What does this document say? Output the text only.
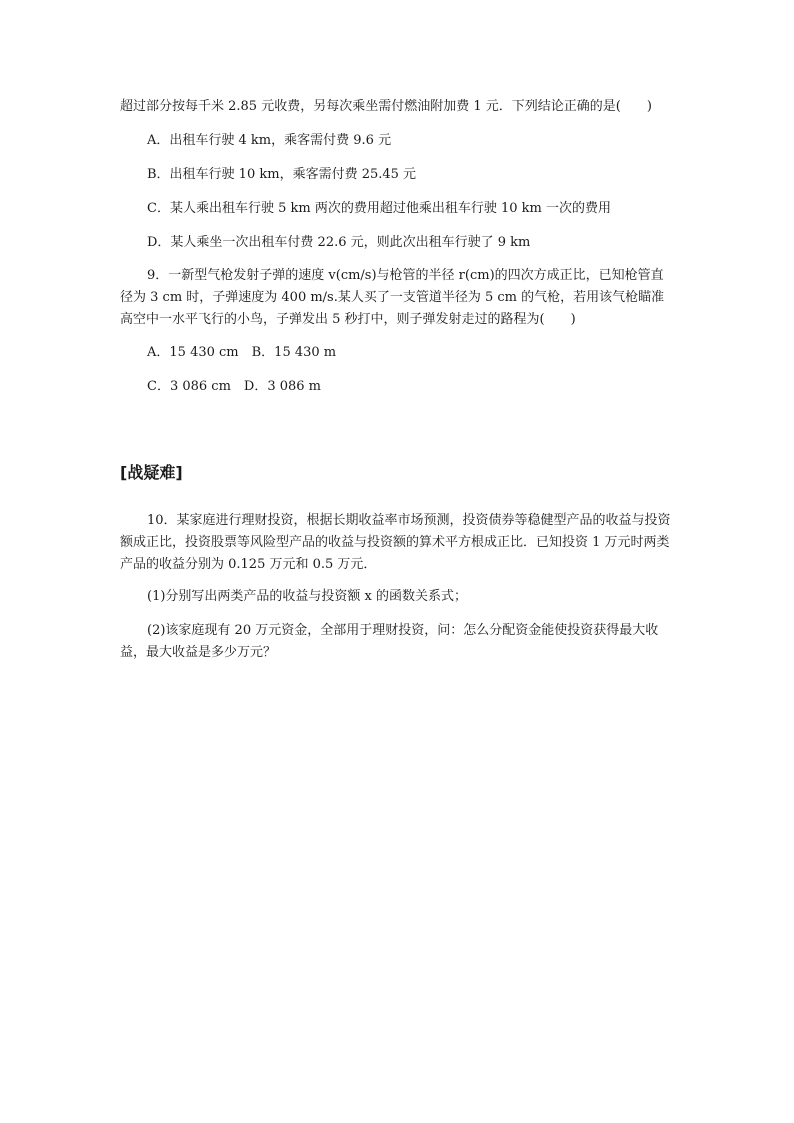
超过部分按每千米 2.85 元收费，另每次乘坐需付燃油附加费 1 元．下列结论正确的是(　　)
A．出租车行驶 4 km，乘客需付费 9.6 元
B．出租车行驶 10 km，乘客需付费 25.45 元
C．某人乘出租车行驶 5 km 两次的费用超过他乘出租车行驶 10 km 一次的费用
D．某人乘坐一次出租车付费 22.6 元，则此次出租车行驶了 9 km
9．一新型气枪发射子弹的速度 v(cm/s)与枪管的半径 r(cm)的四次方成正比，已知枪管直径为 3 cm 时，子弹速度为 400 m/s.某人买了一支管道半径为 5 cm 的气枪，若用该气枪瞄准高空中一水平飞行的小鸟，子弹发出 5 秒打中，则子弹发射走过的路程为(　　)
A．15 430 cm　B．15 430 m
C．3 086 cm　D．3 086 m
[战疑难]
10．某家庭进行理财投资，根据长期收益率市场预测，投资债券等稳健型产品的收益与投资额成正比，投资股票等风险型产品的收益与投资额的算术平方根成正比．已知投资 1 万元时两类产品的收益分别为 0.125 万元和 0.5 万元．
(1)分别写出两类产品的收益与投资额 x 的函数关系式；
(2)该家庭现有 20 万元资金，全部用于理财投资，问：怎么分配资金能使投资获得最大收益，最大收益是多少万元？
